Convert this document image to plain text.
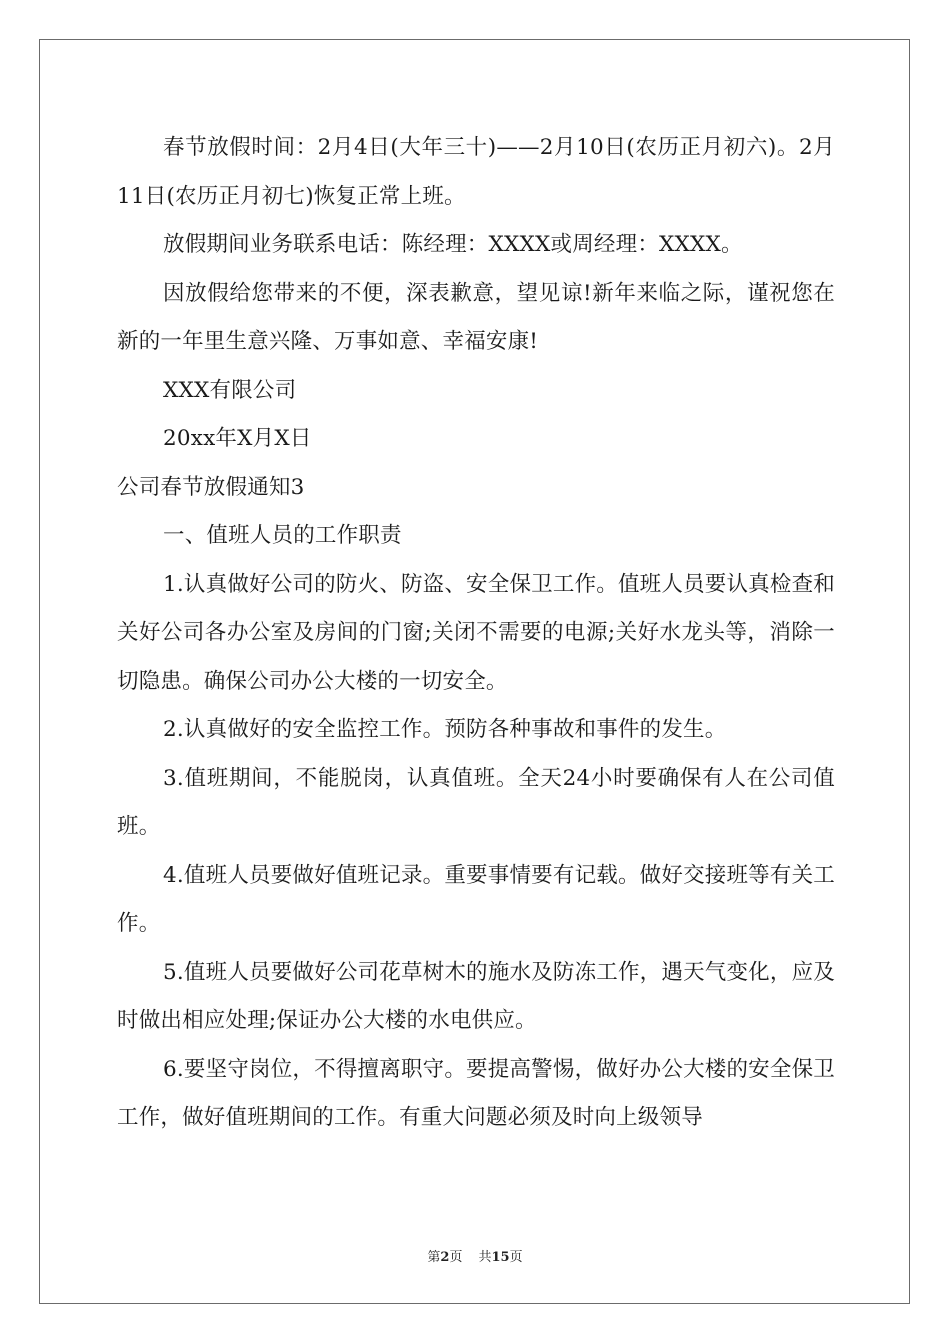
春节放假时间：2月4日(大年三十)——2月10日(农历正月初六)。2月11日(农历正月初七)恢复正常上班。

放假期间业务联系电话：陈经理：XXXX或周经理：XXXX。

因放假给您带来的不便，深表歉意，望见谅!新年来临之际，谨祝您在新的一年里生意兴隆、万事如意、幸福安康!

XXX有限公司

20xx年X月X日

公司春节放假通知3

一、值班人员的工作职责

1.认真做好公司的防火、防盗、安全保卫工作。值班人员要认真检查和关好公司各办公室及房间的门窗;关闭不需要的电源;关好水龙头等，消除一切隐患。确保公司办公大楼的一切安全。

2.认真做好的安全监控工作。预防各种事故和事件的发生。

3.值班期间，不能脱岗，认真值班。全天24小时要确保有人在公司值班。

4.值班人员要做好值班记录。重要事情要有记载。做好交接班等有关工作。

5.值班人员要做好公司花草树木的施水及防冻工作，遇天气变化，应及时做出相应处理;保证办公大楼的水电供应。

6.要坚守岗位，不得擅离职守。要提高警惕，做好办公大楼的安全保卫工作，做好值班期间的工作。有重大问题必须及时向上级领导

第2页 共15页
